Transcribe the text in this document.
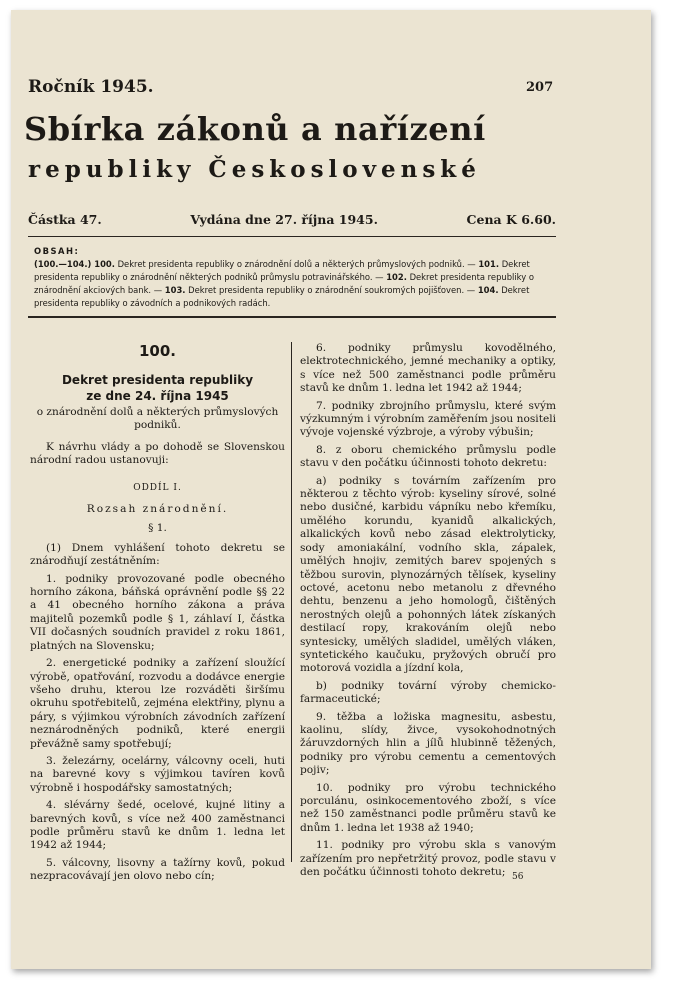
Ročník 1945.	207
Sbírka zákonů a nařízení
republiky Československé
Částka 47.	Vydána dne 27. října 1945.	Cena K 6.60.
OBSAH:
(100.—104.) 100. Dekret presidenta republiky o znárodnění dolů a některých průmyslových podniků. — 101. Dekret presidenta republiky o znárodnění některých podniků průmyslu potravinářského. — 102. Dekret presidenta republiky o znárodnění akciových bank. — 103. Dekret presidenta republiky o znárodnění soukromých pojišťoven. — 104. Dekret presidenta republiky o závodních a podnikových radách.
100.
Dekret presidenta republiky
ze dne 24. října 1945
o znárodnění dolů a některých průmyslových podniků.

K návrhu vlády a po dohodě se Slovenskou národní radou ustanovuji:

ODDÍL I.
Rozsah znárodnění.
§ 1.

(1) Dnem vyhlášení tohoto dekretu se znárodňují zestátněním:

1. podniky provozované podle obecného horního zákona, báňská oprávnění podle §§ 22 a 41 obecného horního zákona a práva majitelů pozemků podle § 1, záhlaví I, částka VII dočasných soudních pravidel z roku 1861, platných na Slovensku;

2. energetické podniky a zařízení sloužící výrobě, opatřování, rozvodu a dodávce energie všeho druhu, kterou lze rozváděti širšímu okruhu spotřebitelů, zejména elektřiny, plynu a páry, s výjimkou výrobních závodních zařízení neznárodněných podniků, které energii převážně samy spotřebují;

3. železárny, ocelárny, válcovny oceli, huti na barevné kovy s výjimkou tavíren kovů výrobně i hospodářsky samostatných;

4. slévárny šedé, ocelové, kujné litiny a barevných kovů, s více než 400 zaměstnanci podle průměru stavů ke dnům 1. ledna let 1942 až 1944;

5. válcovny, lisovny a tažírny kovů, pokud nezpracovávají jen olovo nebo cín;

6. podniky průmyslu kovodělného, elektrotechnického, jemné mechaniky a optiky, s více než 500 zaměstnanci podle průměru stavů ke dnům 1. ledna let 1942 až 1944;

7. podniky zbrojního průmyslu, které svým výzkumným i výrobním zaměřením jsou nositeli vývoje vojenské výzbroje, a výroby výbušin;

8. z oboru chemického průmyslu podle stavu v den počátku účinnosti tohoto dekretu:

a) podniky s továrním zařízením pro některou z těchto výrob: kyseliny sírové, solné nebo dusičné, karbidu vápníku nebo křemíku, umělého korundu, kyanidů alkalických, alkalických kovů nebo zásad elektrolyticky, sody amoniakální, vodního skla, zápalek, umělých hnojiv, zemitých barev spojených s těžbou surovin, plynozárných tělísek, kyseliny octové, acetonu nebo metanolu z dřevného dehtu, benzenu a jeho homologů, čištěných nerostných olejů a pohonných látek získaných destilací ropy, krakováním olejů nebo syntesicky, umělých sladidel, umělých vláken, syntetického kaučuku, pryžových obručí pro motorová vozidla a jízdní kola,

b) podniky tovární výroby chemicko-farmaceutické;

9. těžba a ložiska magnesitu, asbestu, kaolinu, slídy, živce, vysokohodnotných žáruvzdorných hlin a jílů hlubinně těžených, podniky pro výrobu cementu a cementových pojiv;

10. podniky pro výrobu technického porculánu, osinkocementového zboží, s více než 150 zaměstnanci podle průměru stavů ke dnům 1. ledna let 1938 až 1940;

11. podniky pro výrobu skla s vanovým zařízením pro nepřetržitý provoz, podle stavu v den počátku účinnosti tohoto dekretu; 56
